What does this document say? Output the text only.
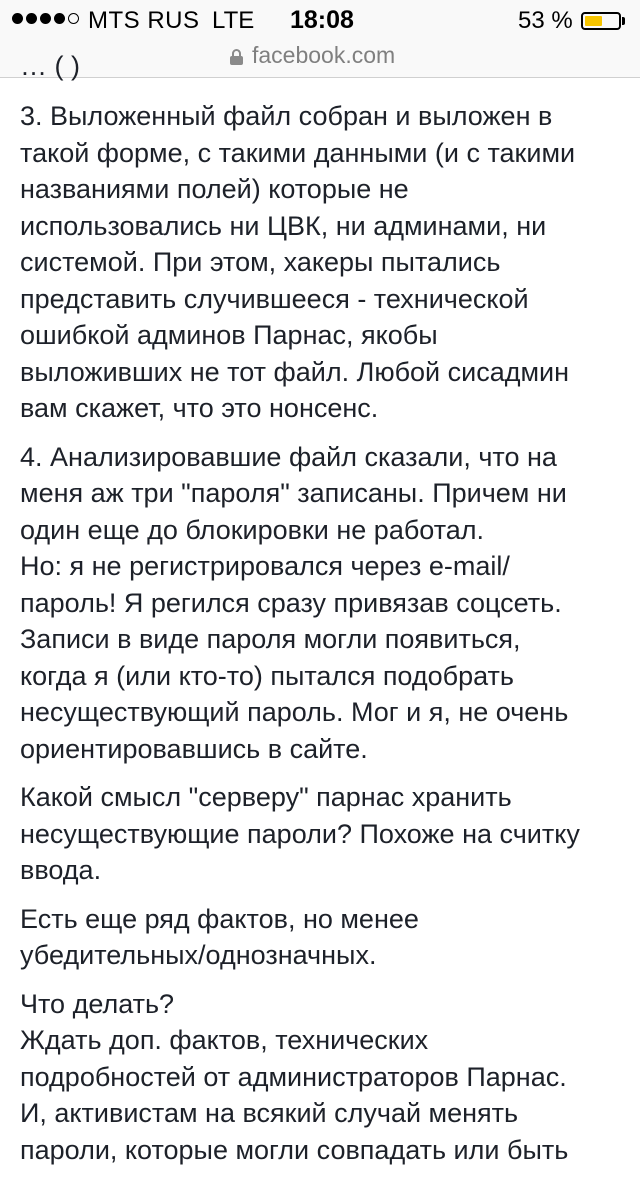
MTS RUS LTE 18:08	53 %
facebook.com
… ( )

3. Выложенный файл собран и выложен в
такой форме, с такими данными (и с такими
названиями полей) которые не
использовались ни ЦВК, ни админами, ни
системой. При этом, хакеры пытались
представить случившееся - технической
ошибкой админов Парнас, якобы
выложивших не тот файл. Любой сисадмин
вам скажет, что это нонсенс.

4. Анализировавшие файл сказали, что на
меня аж три "пароля" записаны. Причем ни
один еще до блокировки не работал.
Но: я не регистрировался через e-mail/
пароль! Я регился сразу привязав соцсеть.
Записи в виде пароля могли появиться,
когда я (или кто-то) пытался подобрать
несуществующий пароль. Мог и я, не очень
ориентировавшись в сайте.

Какой смысл "серверу" парнас хранить
несуществующие пароли? Похоже на считку
ввода.

Есть еще ряд фактов, но менее
убедительных/однозначных.

Что делать?
Ждать доп. фактов, технических
подробностей от администраторов Парнас.
И, активистам на всякий случай менять
пароли, которые могли совпадать или быть
